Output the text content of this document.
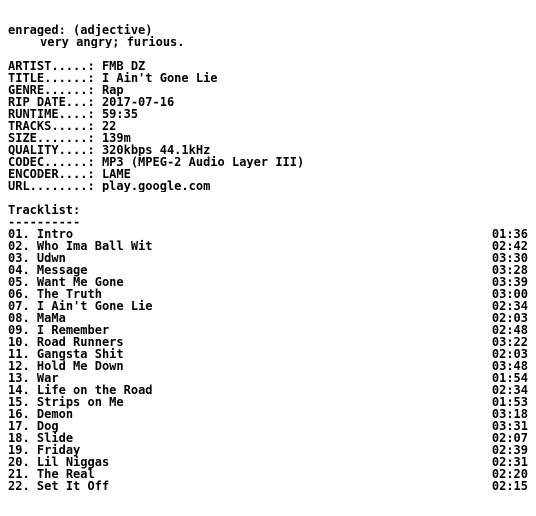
enraged: (adjective)
very angry; furious.
ARTIST.....: FMB DZ
TITLE......: I Ain't Gone Lie
GENRE......: Rap
RIP DATE...: 2017-07-16
RUNTIME....: 59:35
TRACKS.....: 22
SIZE.......: 139m
QUALITY....: 320kbps 44.1kHz
CODEC......: MP3 (MPEG-2 Audio Layer III)
ENCODER....: LAME
URL........: play.google.com
Tracklist:
----------
01. Intro	01:36
02. Who Ima Ball Wit	02:42
03. Udwn	03:30
04. Message	03:28
05. Want Me Gone	03:39
06. The Truth	03:00
07. I Ain't Gone Lie	02:34
08. MaMa	02:03
09. I Remember	02:48
10. Road Runners	03:22
11. Gangsta Shit	02:03
12. Hold Me Down	03:48
13. War	01:54
14. Life on the Road	02:34
15. Strips on Me	01:53
16. Demon	03:18
17. Dog	03:31
18. Slide	02:07
19. Friday	02:39
20. Lil Niggas	02:31
21. The Real	02:20
22. Set It Off	02:15
